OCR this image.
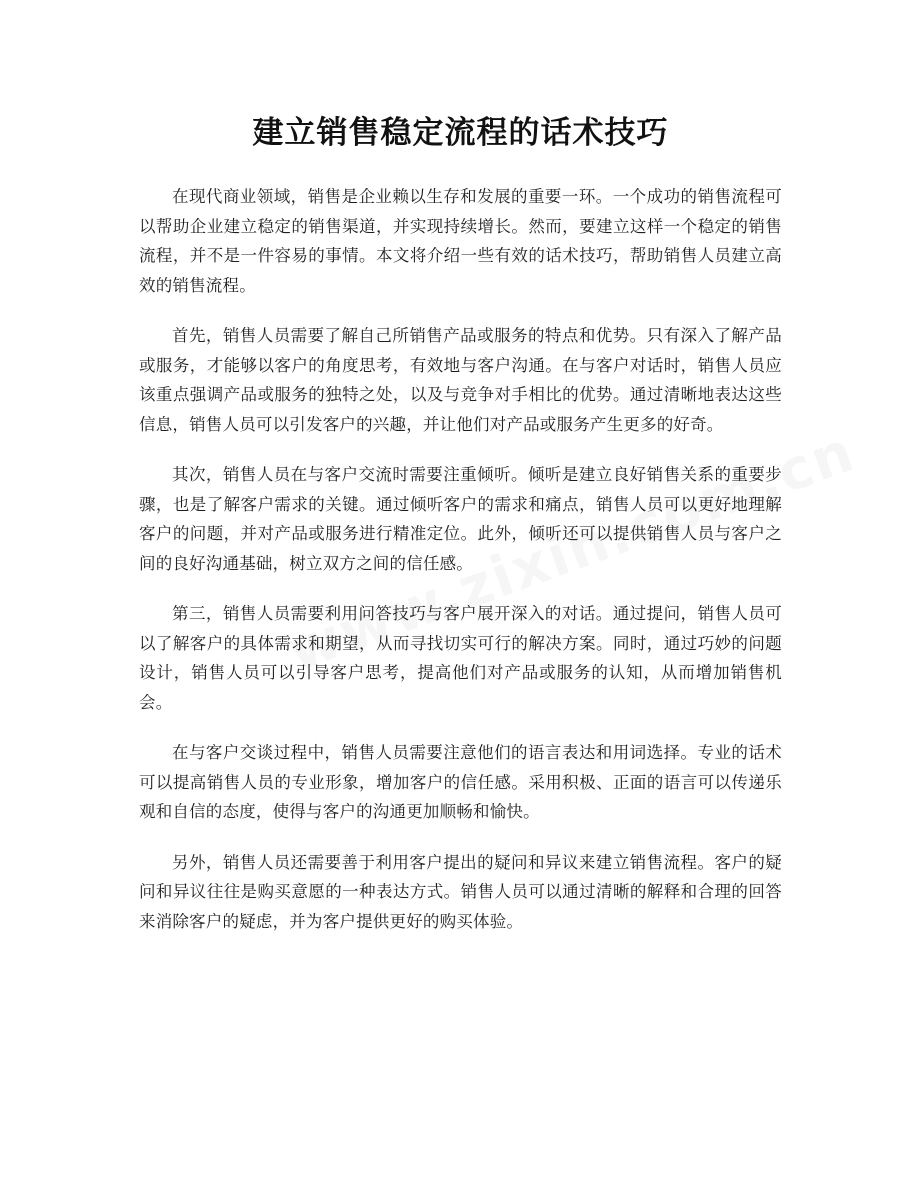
建立销售稳定流程的话术技巧

在现代商业领域，销售是企业赖以生存和发展的重要一环。一个成功的销售流程可以帮助企业建立稳定的销售渠道，并实现持续增长。然而，要建立这样一个稳定的销售流程，并不是一件容易的事情。本文将介绍一些有效的话术技巧，帮助销售人员建立高效的销售流程。

首先，销售人员需要了解自己所销售产品或服务的特点和优势。只有深入了解产品或服务，才能够以客户的角度思考，有效地与客户沟通。在与客户对话时，销售人员应该重点强调产品或服务的独特之处，以及与竞争对手相比的优势。通过清晰地表达这些信息，销售人员可以引发客户的兴趣，并让他们对产品或服务产生更多的好奇。

其次，销售人员在与客户交流时需要注重倾听。倾听是建立良好销售关系的重要步骤，也是了解客户需求的关键。通过倾听客户的需求和痛点，销售人员可以更好地理解客户的问题，并对产品或服务进行精准定位。此外，倾听还可以提供销售人员与客户之间的良好沟通基础，树立双方之间的信任感。

第三，销售人员需要利用问答技巧与客户展开深入的对话。通过提问，销售人员可以了解客户的具体需求和期望，从而寻找切实可行的解决方案。同时，通过巧妙的问题设计，销售人员可以引导客户思考，提高他们对产品或服务的认知，从而增加销售机会。

在与客户交谈过程中，销售人员需要注意他们的语言表达和用词选择。专业的话术可以提高销售人员的专业形象，增加客户的信任感。采用积极、正面的语言可以传递乐观和自信的态度，使得与客户的沟通更加顺畅和愉快。

另外，销售人员还需要善于利用客户提出的疑问和异议来建立销售流程。客户的疑问和异议往往是购买意愿的一种表达方式。销售人员可以通过清晰的解释和合理的回答来消除客户的疑虑，并为客户提供更好的购买体验。
